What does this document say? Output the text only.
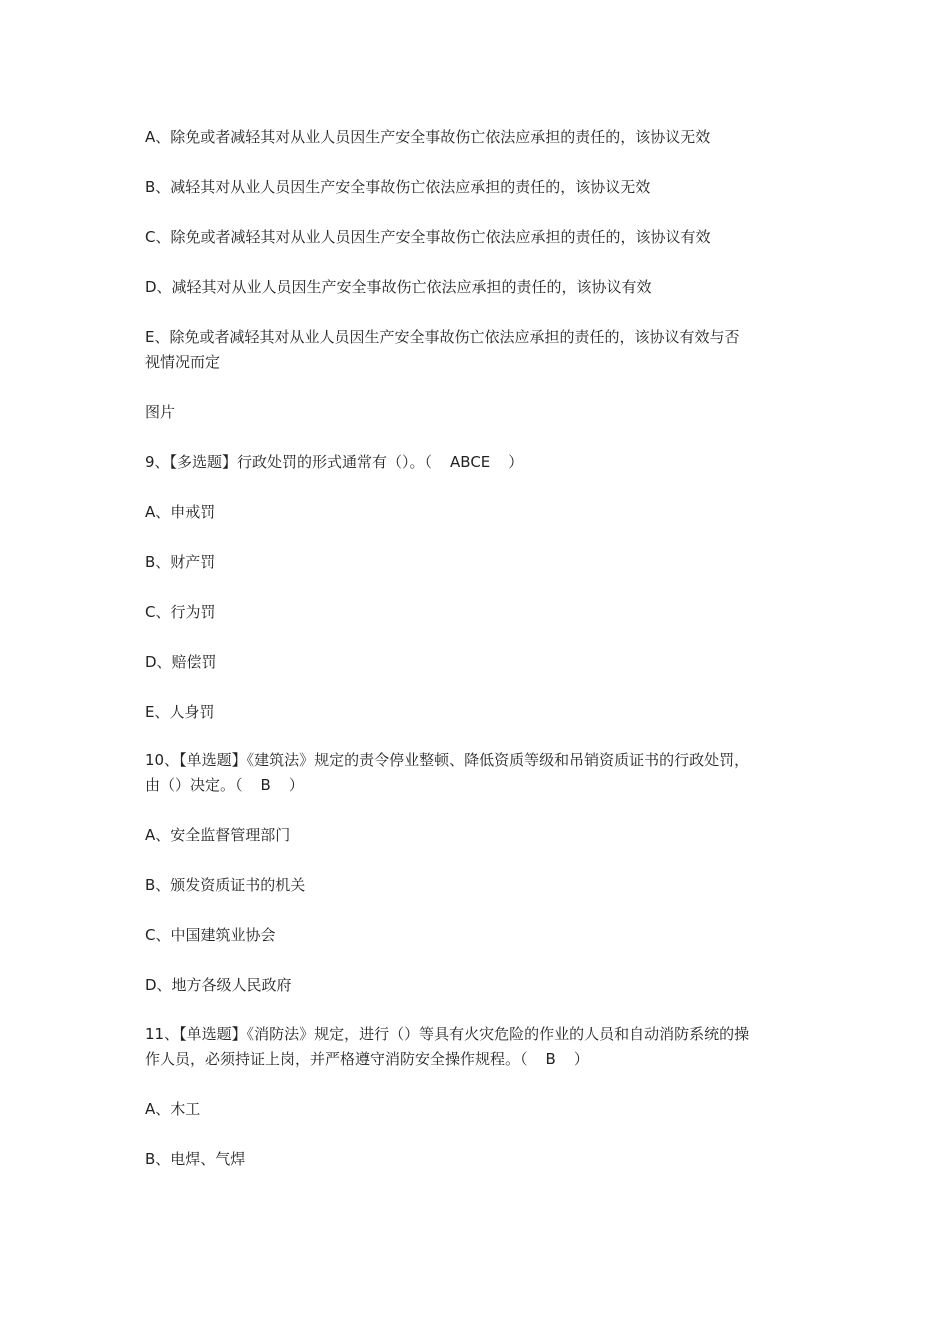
A、除免或者减轻其对从业人员因生产安全事故伤亡依法应承担的责任的，该协议无效
B、减轻其对从业人员因生产安全事故伤亡依法应承担的责任的，该协议无效
C、除免或者减轻其对从业人员因生产安全事故伤亡依法应承担的责任的，该协议有效
D、减轻其对从业人员因生产安全事故伤亡依法应承担的责任的，该协议有效
E、除免或者减轻其对从业人员因生产安全事故伤亡依法应承担的责任的，该协议有效与否
视情况而定
图片
9、【多选题】行政处罚的形式通常有（）。（ ABCE ）
A、申戒罚
B、财产罚
C、行为罚
D、赔偿罚
E、人身罚
10、【单选题】《建筑法》规定的责令停业整顿、降低资质等级和吊销资质证书的行政处罚，
由（）决定。（ B ）
A、安全监督管理部门
B、颁发资质证书的机关
C、中国建筑业协会
D、地方各级人民政府
11、【单选题】《消防法》规定，进行（）等具有火灾危险的作业的人员和自动消防系统的操
作人员，必须持证上岗，并严格遵守消防安全操作规程。（ B ）
A、木工
B、电焊、气焊
